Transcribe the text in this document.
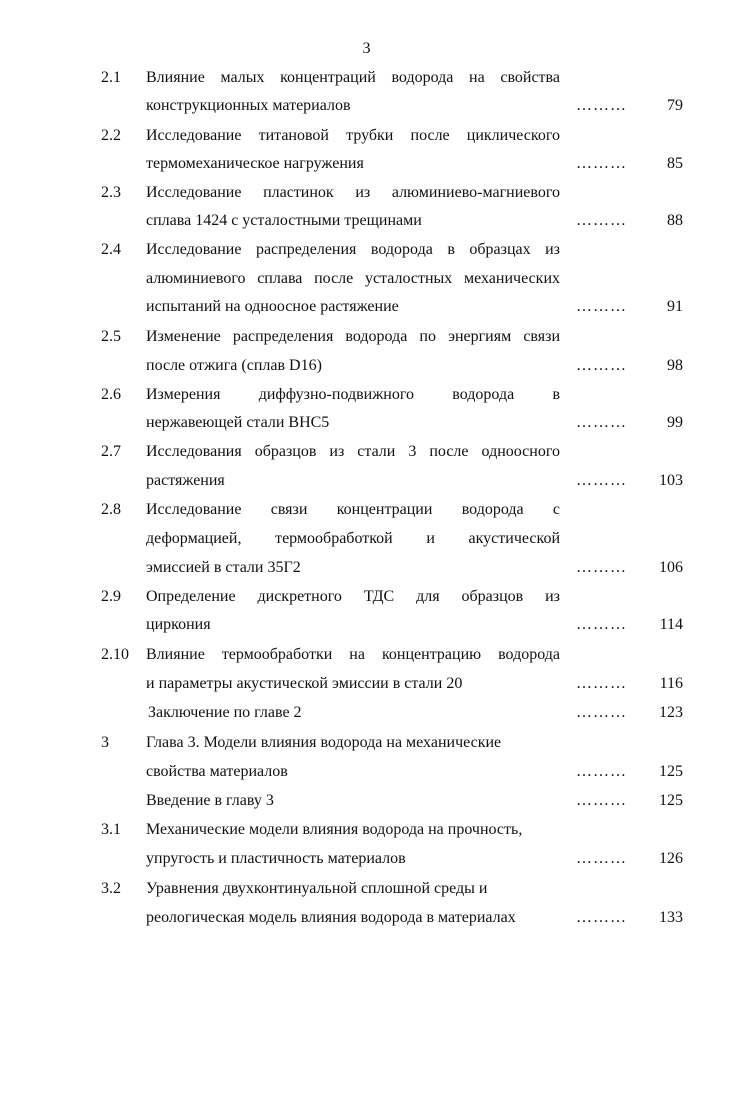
3
2.1 Влияние малых концентраций водорода на свойства
конструкционных материалов	………	79
2.2 Исследование титановой трубки после циклического
термомеханическое нагружения	………	85
2.3 Исследование пластинок из алюминиево-магниевого
сплава 1424 с усталостными трещинами	………	88
2.4 Исследование распределения водорода в образцах из
алюминиевого сплава после усталостных механических
испытаний на одноосное растяжение	………	91
2.5 Изменение распределения водорода по энергиям связи
после отжига (сплав D16)	………	98
2.6 Измерения диффузно-подвижного водорода в
нержавеющей стали ВНС5	………	99
2.7 Исследования образцов из стали 3 после одноосного
растяжения	……… 103
2.8 Исследование связи концентрации водорода с
деформацией, термообработкой и акустической
эмиссией в стали 35Г2	……… 106
2.9 Определение дискретного ТДС для образцов из
циркония	……… 114
2.10 Влияние термообработки на концентрацию водорода
и параметры акустической эмиссии в стали 20	……… 116
Заключение по главе 2	……… 123
3 Глава 3. Модели влияния водорода на механические
свойства материалов	……… 125
Введение в главу 3	……… 125
3.1 Механические модели влияния водорода на прочность,
упругость и пластичность материалов	……… 126
3.2 Уравнения двухконтинуальной сплошной среды и
реологическая модель влияния водорода в материалах	……… 133
